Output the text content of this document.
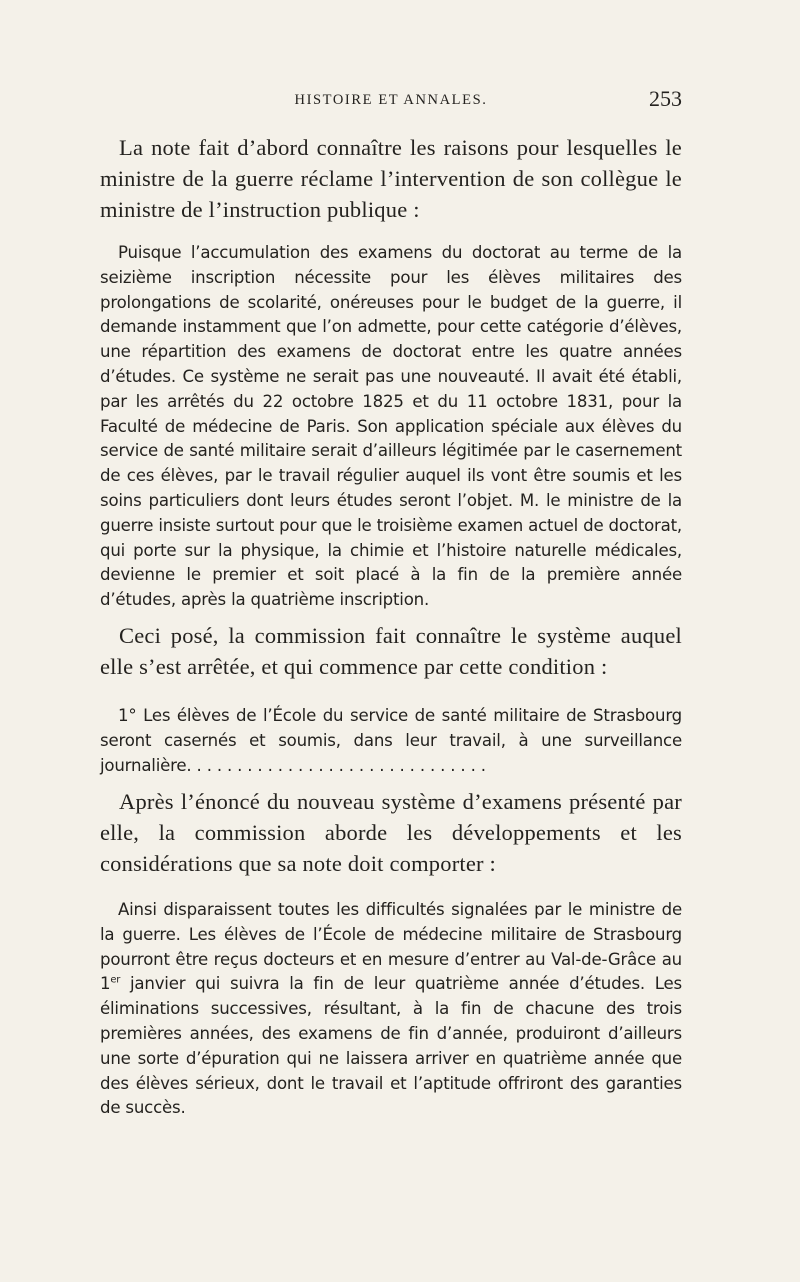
HISTOIRE ET ANNALES.	253

La note fait d’abord connaître les raisons pour lesquelles le ministre de la guerre réclame l’intervention de son collègue le ministre de l’instruction publique :

Puisque l’accumulation des examens du doctorat au terme de la seizième inscription nécessite pour les élèves militaires des prolongations de scolarité, onéreuses pour le budget de la guerre, il demande instamment que l’on admette, pour cette catégorie d’élèves, une répartition des examens de doctorat entre les quatre années d’études. Ce système ne serait pas une nouveauté. Il avait été établi, par les arrêtés du 22 octobre 1825 et du 11 octobre 1831, pour la Faculté de médecine de Paris. Son application spéciale aux élèves du service de santé militaire serait d’ailleurs légitimée par le casernement de ces élèves, par le travail régulier auquel ils vont être soumis et les soins particuliers dont leurs études seront l’objet. M. le ministre de la guerre insiste surtout pour que le troisième examen actuel de doctorat, qui porte sur la physique, la chimie et l’histoire naturelle médicales, devienne le premier et soit placé à la fin de la première année d’études, après la quatrième inscription.

Ceci posé, la commission fait connaître le système auquel elle s’est arrêtée, et qui commence par cette condition :

1° Les élèves de l’École du service de santé militaire de Strasbourg seront casernés et soumis, dans leur travail, à une surveillance journalière. . . . . . . . . . . . . . . . . . . . . . . . . . . . . .

Après l’énoncé du nouveau système d’examens présenté par elle, la commission aborde les développements et les considérations que sa note doit comporter :

Ainsi disparaissent toutes les difficultés signalées par le ministre de la guerre. Les élèves de l’École de médecine militaire de Strasbourg pourront être reçus docteurs et en mesure d’entrer au Val-de-Grâce au 1er janvier qui suivra la fin de leur quatrième année d’études. Les éliminations successives, résultant, à la fin de chacune des trois premières années, des examens de fin d’année, produiront d’ailleurs une sorte d’épuration qui ne laissera arriver en quatrième année que des élèves sérieux, dont le travail et l’aptitude offriront des garanties de succès.
